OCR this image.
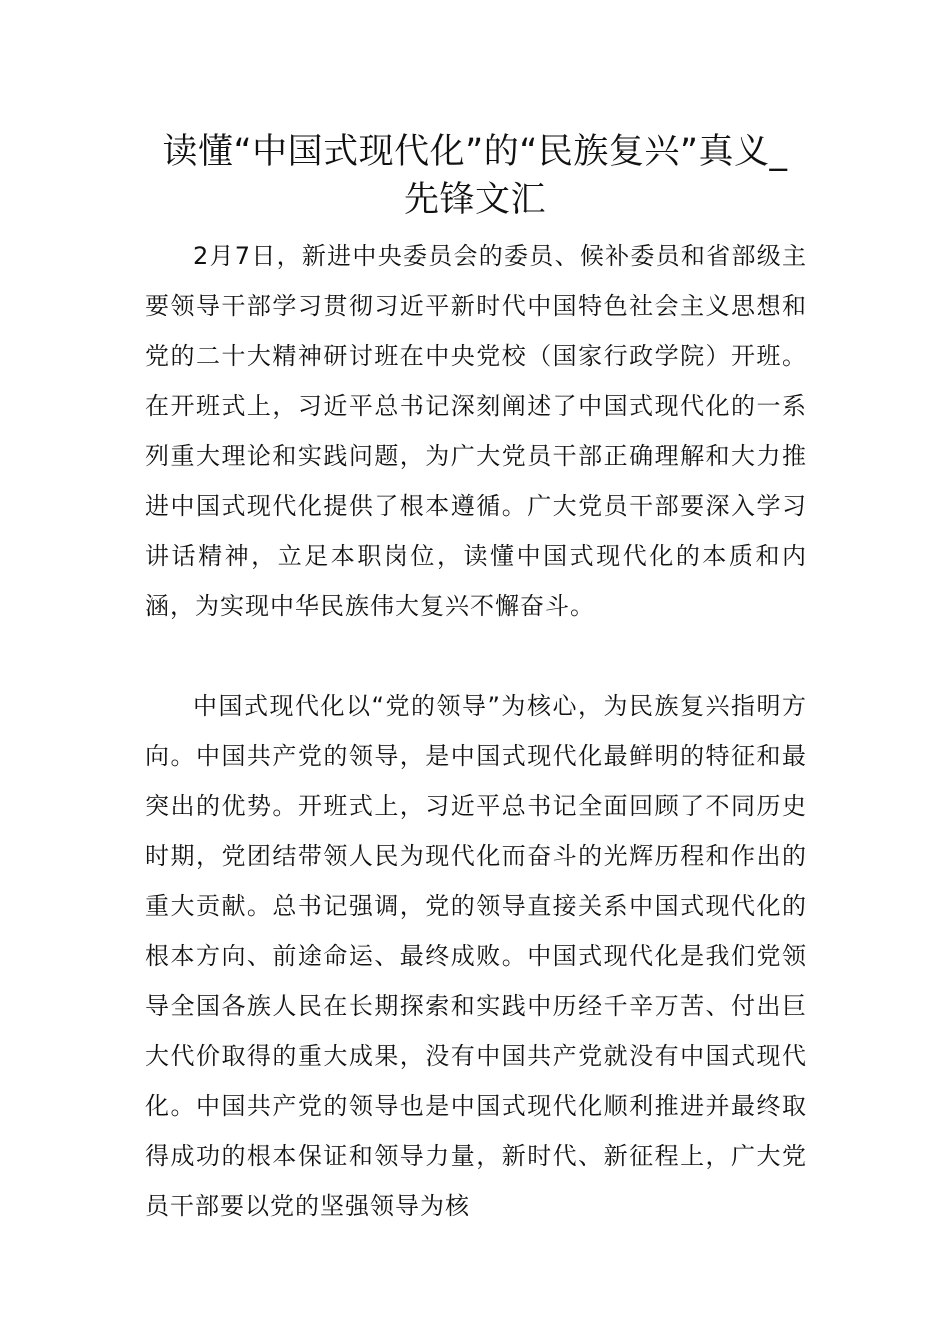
读懂“中国式现代化”的“民族复兴”真义_先锋文汇

2月7日，新进中央委员会的委员、候补委员和省部级主要领导干部学习贯彻习近平新时代中国特色社会主义思想和党的二十大精神研讨班在中央党校（国家行政学院）开班。在开班式上，习近平总书记深刻阐述了中国式现代化的一系列重大理论和实践问题，为广大党员干部正确理解和大力推进中国式现代化提供了根本遵循。广大党员干部要深入学习讲话精神，立足本职岗位，读懂中国式现代化的本质和内涵，为实现中华民族伟大复兴不懈奋斗。

中国式现代化以“党的领导”为核心，为民族复兴指明方向。中国共产党的领导，是中国式现代化最鲜明的特征和最突出的优势。开班式上，习近平总书记全面回顾了不同历史时期，党团结带领人民为现代化而奋斗的光辉历程和作出的重大贡献。总书记强调，党的领导直接关系中国式现代化的根本方向、前途命运、最终成败。中国式现代化是我们党领导全国各族人民在长期探索和实践中历经千辛万苦、付出巨大代价取得的重大成果，没有中国共产党就没有中国式现代化。中国共产党的领导也是中国式现代化顺利推进并最终取得成功的根本保证和领导力量，新时代、新征程上，广大党员干部要以党的坚强领导为核
